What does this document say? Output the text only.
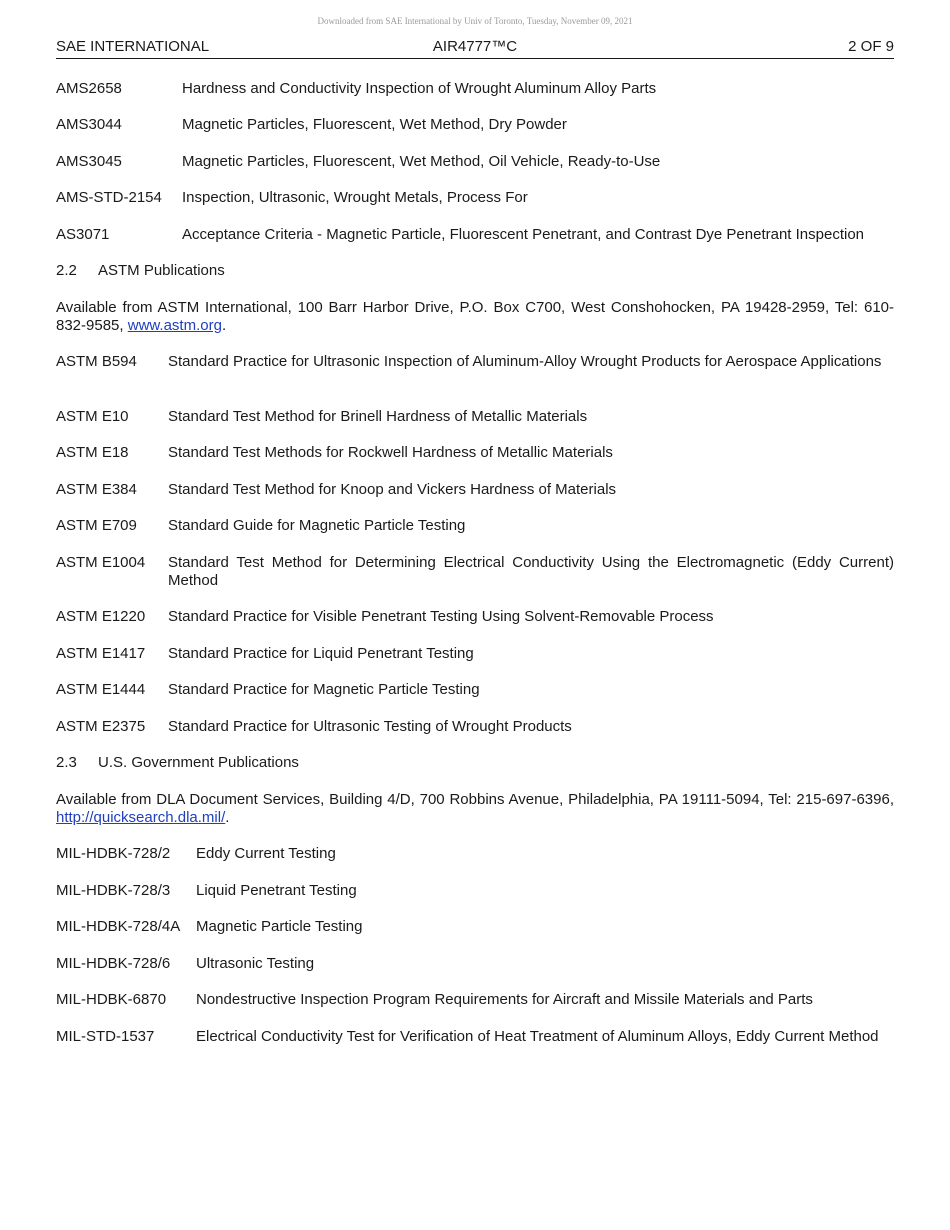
Downloaded from SAE International by Univ of Toronto, Tuesday, November 09, 2021
AIR4777™C
SAE INTERNATIONAL	2 OF 9
AMS2658	Hardness and Conductivity Inspection of Wrought Aluminum Alloy Parts
AMS3044	Magnetic Particles, Fluorescent, Wet Method, Dry Powder
AMS3045	Magnetic Particles, Fluorescent, Wet Method, Oil Vehicle, Ready-to-Use
AMS-STD-2154 Inspection, Ultrasonic, Wrought Metals, Process For
AS3071	Acceptance Criteria - Magnetic Particle, Fluorescent Penetrant, and Contrast Dye Penetrant Inspection
2.2 ASTM Publications
Available from ASTM International, 100 Barr Harbor Drive, P.O. Box C700, West Conshohocken, PA 19428-2959, Tel: 610-832-9585, www.astm.org.
ASTM B594 Standard Practice for Ultrasonic Inspection of Aluminum-Alloy Wrought Products for Aerospace Applications
ASTM E10	Standard Test Method for Brinell Hardness of Metallic Materials
ASTM E18	Standard Test Methods for Rockwell Hardness of Metallic Materials
ASTM E384 Standard Test Method for Knoop and Vickers Hardness of Materials
ASTM E709 Standard Guide for Magnetic Particle Testing
ASTM E1004 Standard Test Method for Determining Electrical Conductivity Using the Electromagnetic (Eddy Current) Method
ASTM E1220 Standard Practice for Visible Penetrant Testing Using Solvent-Removable Process
ASTM E1417 Standard Practice for Liquid Penetrant Testing
ASTM E1444 Standard Practice for Magnetic Particle Testing
ASTM E2375 Standard Practice for Ultrasonic Testing of Wrought Products
2.3 U.S. Government Publications
Available from DLA Document Services, Building 4/D, 700 Robbins Avenue, Philadelphia, PA 19111-5094, Tel: 215-697-6396, http://quicksearch.dla.mil/.
MIL-HDBK-728/2 Eddy Current Testing
MIL-HDBK-728/3 Liquid Penetrant Testing
MIL-HDBK-728/4A Magnetic Particle Testing
MIL-HDBK-728/6 Ultrasonic Testing
MIL-HDBK-6870 Nondestructive Inspection Program Requirements for Aircraft and Missile Materials and Parts
MIL-STD-1537	Electrical Conductivity Test for Verification of Heat Treatment of Aluminum Alloys, Eddy Current Method
